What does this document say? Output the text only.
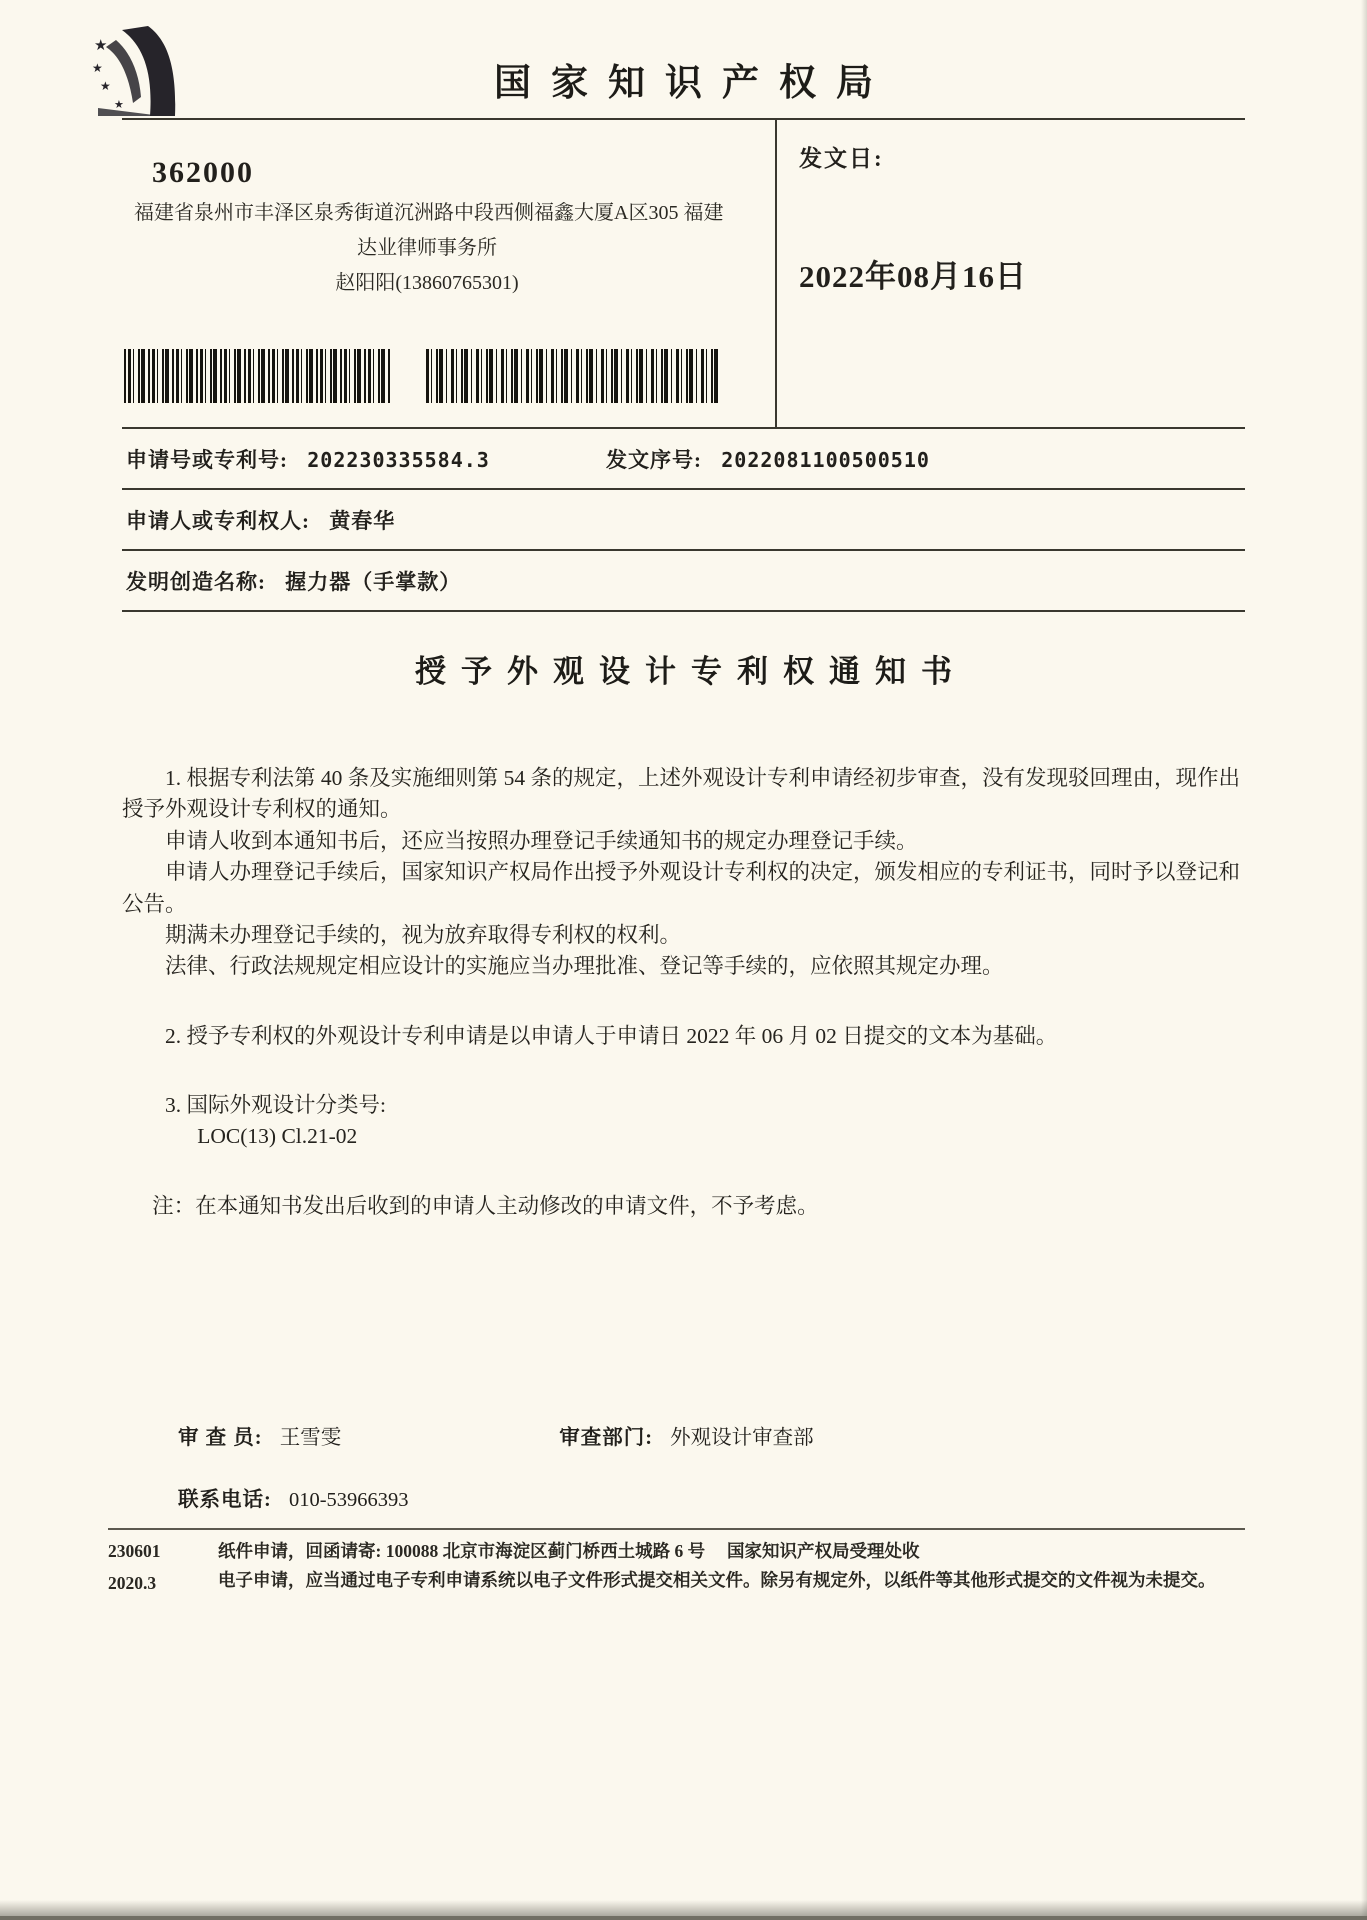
★
★
★
★
国家知识产权局
362000
福建省泉州市丰泽区泉秀街道沉洲路中段西侧福鑫大厦A区305 福建
达业律师事务所
赵阳阳(13860765301)
发文日:
2022年08月16日
申请号或专利号: 202230335584.3	发文序号: 2022081100500510
申请人或专利权人: 黄春华
发明创造名称: 握力器（手掌款）
授予外观设计专利权通知书

1. 根据专利法第 40 条及实施细则第 54 条的规定，上述外观设计专利申请经初步审查，没有发现驳回理由，现作出授予外观设计专利权的通知。

申请人收到本通知书后，还应当按照办理登记手续通知书的规定办理登记手续。

申请人办理登记手续后，国家知识产权局作出授予外观设计专利权的决定，颁发相应的专利证书，同时予以登记和公告。

期满未办理登记手续的，视为放弃取得专利权的权利。

法律、行政法规规定相应设计的实施应当办理批准、登记等手续的，应依照其规定办理。

2. 授予专利权的外观设计专利申请是以申请人于申请日 2022 年 06 月 02 日提交的文本为基础。

3. 国际外观设计分类号:

LOC(13) Cl.21-02

注：在本通知书发出后收到的申请人主动修改的申请文件，不予考虑。

审 查 员: 王雪雯	审查部门: 外观设计审查部
联系电话: 010-53966393
230601
2020.3
纸件申请，回函请寄: 100088 北京市海淀区蓟门桥西土城路 6 号　 国家知识产权局受理处收
电子申请，应当通过电子专利申请系统以电子文件形式提交相关文件。除另有规定外，以纸件等其他形式提交的文件视为未提交。
